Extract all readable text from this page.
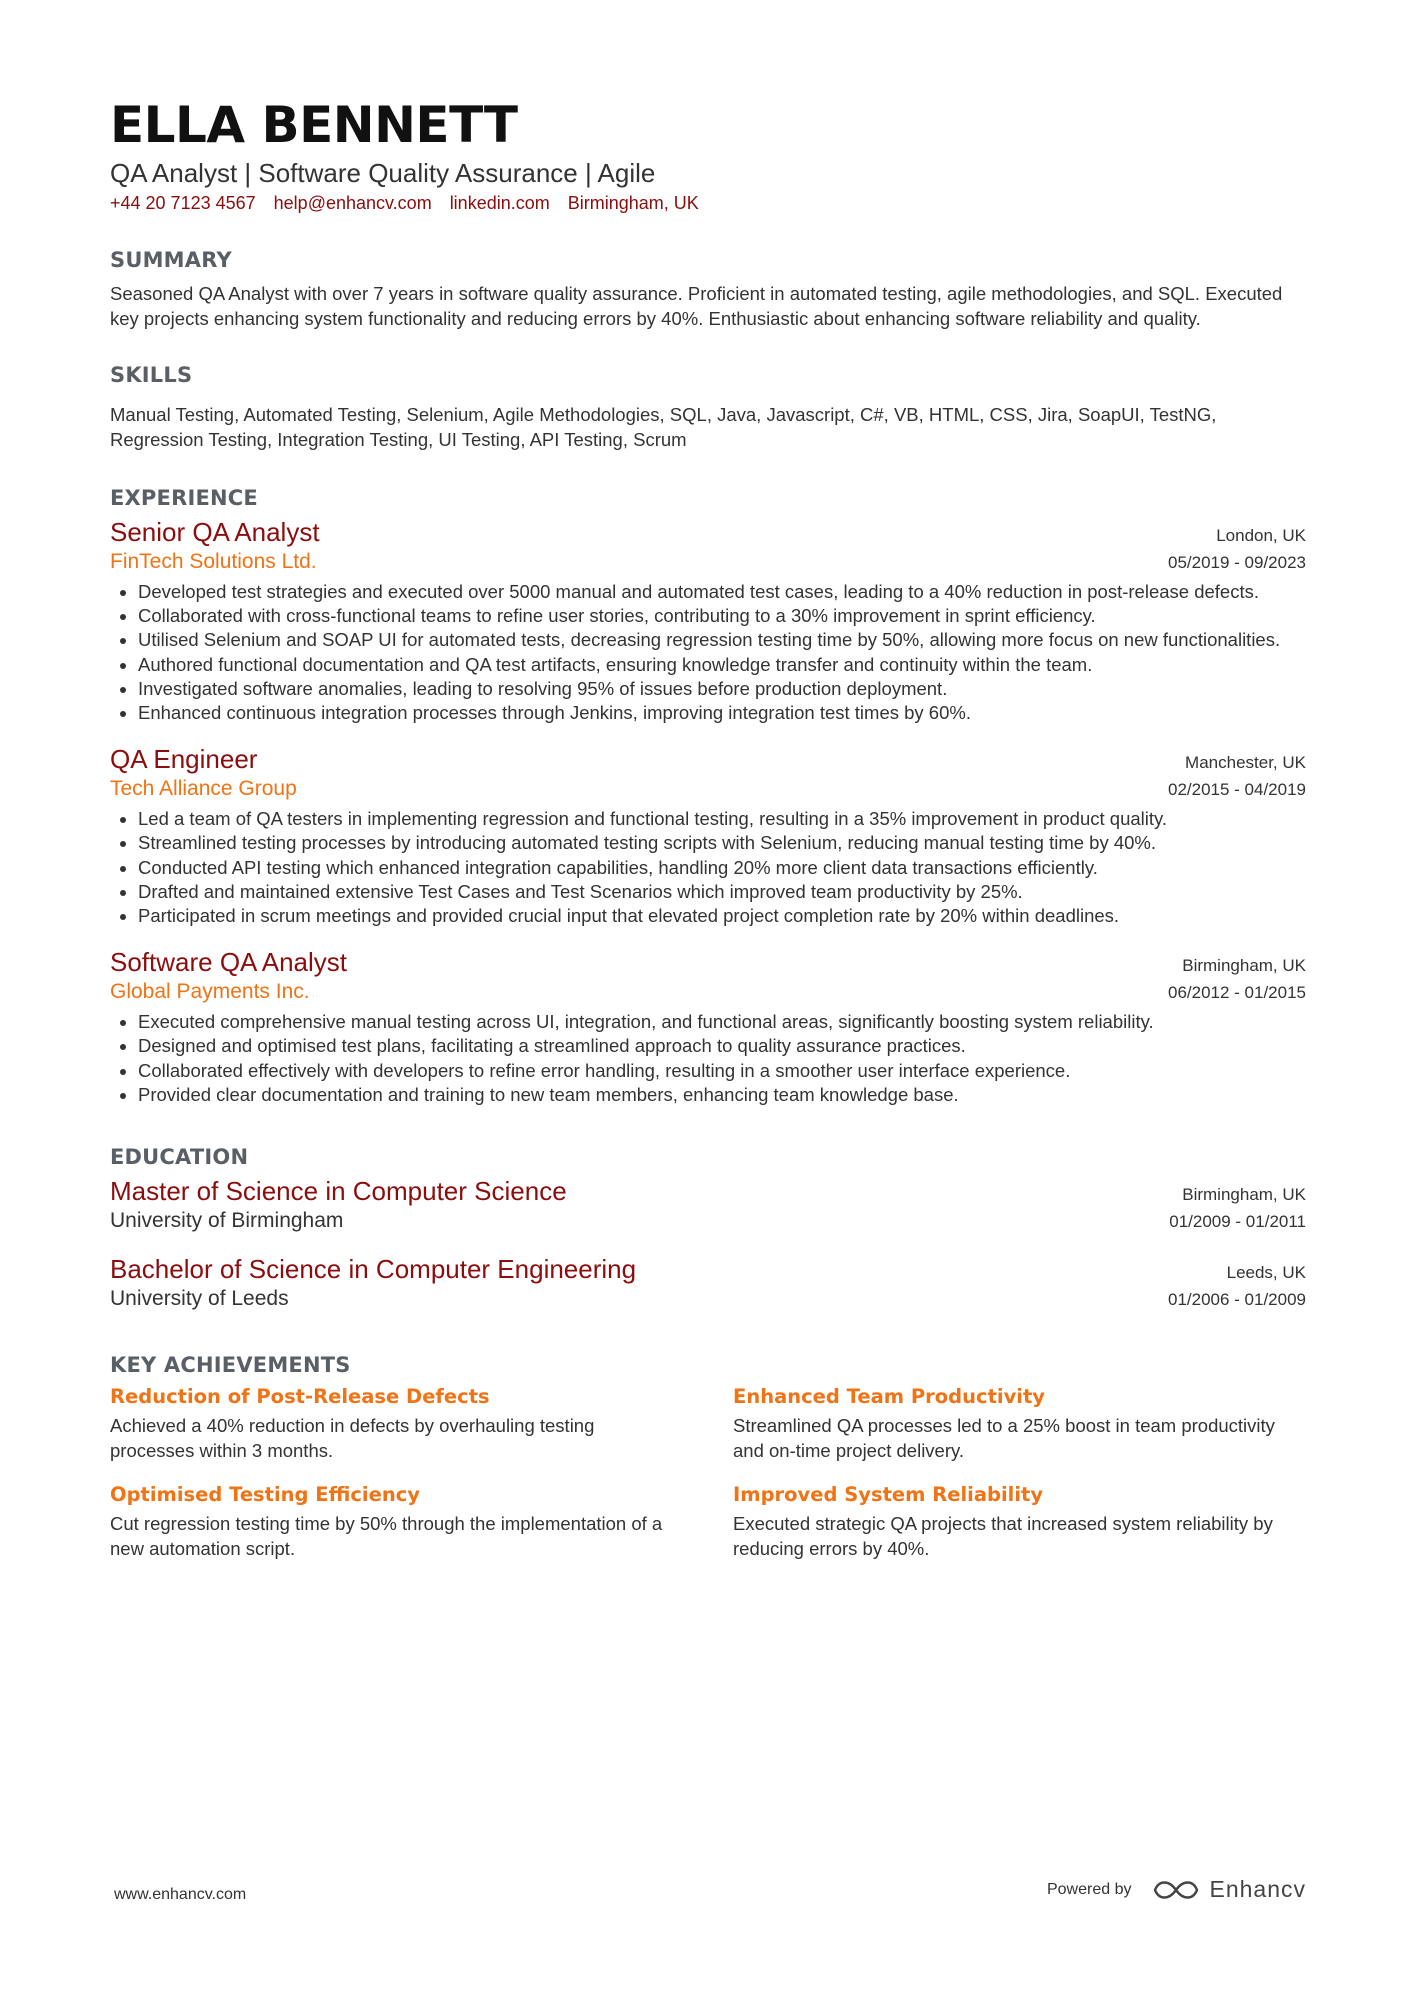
ELLA BENNETT
QA Analyst | Software Quality Assurance | Agile
+44 20 7123 4567 help@enhancv.com linkedin.com Birmingham, UK
SUMMARY
Seasoned QA Analyst with over 7 years in software quality assurance. Proficient in automated testing, agile methodologies, and SQL. Executed key projects enhancing system functionality and reducing errors by 40%. Enthusiastic about enhancing software reliability and quality.
SKILLS
Manual Testing, Automated Testing, Selenium, Agile Methodologies, SQL, Java, Javascript, C#, VB, HTML, CSS, Jira, SoapUI, TestNG, Regression Testing, Integration Testing, UI Testing, API Testing, Scrum
EXPERIENCE
Senior QA Analyst	London, UK
FinTech Solutions Ltd.	05/2019 - 09/2023
• Developed test strategies and executed over 5000 manual and automated test cases, leading to a 40% reduction in post-release defects.
• Collaborated with cross-functional teams to refine user stories, contributing to a 30% improvement in sprint efficiency.
• Utilised Selenium and SOAP UI for automated tests, decreasing regression testing time by 50%, allowing more focus on new functionalities.
• Authored functional documentation and QA test artifacts, ensuring knowledge transfer and continuity within the team.
• Investigated software anomalies, leading to resolving 95% of issues before production deployment.
• Enhanced continuous integration processes through Jenkins, improving integration test times by 60%.
QA Engineer	Manchester, UK
Tech Alliance Group	02/2015 - 04/2019
• Led a team of QA testers in implementing regression and functional testing, resulting in a 35% improvement in product quality.
• Streamlined testing processes by introducing automated testing scripts with Selenium, reducing manual testing time by 40%.
• Conducted API testing which enhanced integration capabilities, handling 20% more client data transactions efficiently.
• Drafted and maintained extensive Test Cases and Test Scenarios which improved team productivity by 25%.
• Participated in scrum meetings and provided crucial input that elevated project completion rate by 20% within deadlines.
Software QA Analyst	Birmingham, UK
Global Payments Inc.	06/2012 - 01/2015
• Executed comprehensive manual testing across UI, integration, and functional areas, significantly boosting system reliability.
• Designed and optimised test plans, facilitating a streamlined approach to quality assurance practices.
• Collaborated effectively with developers to refine error handling, resulting in a smoother user interface experience.
• Provided clear documentation and training to new team members, enhancing team knowledge base.
EDUCATION
Master of Science in Computer Science	Birmingham, UK
University of Birmingham	01/2009 - 01/2011
Bachelor of Science in Computer Engineering	Leeds, UK
University of Leeds	01/2006 - 01/2009
KEY ACHIEVEMENTS
Reduction of Post-Release Defects
Achieved a 40% reduction in defects by overhauling testing processes within 3 months.
Enhanced Team Productivity
Streamlined QA processes led to a 25% boost in team productivity and on-time project delivery.
Optimised Testing Efficiency
Cut regression testing time by 50% through the implementation of a new automation script.
Improved System Reliability
Executed strategic QA projects that increased system reliability by reducing errors by 40%.
www.enhancv.com	Powered by	Enhancv
